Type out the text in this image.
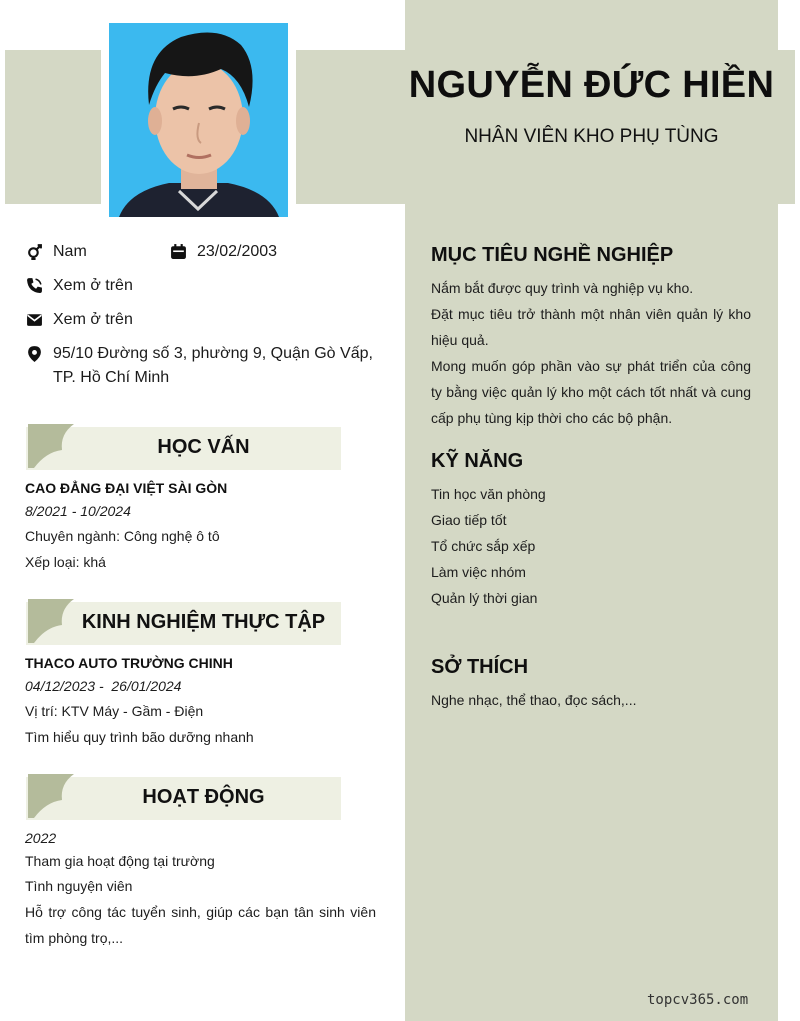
NGUYỄN ĐỨC HIỀN
NHÂN VIÊN KHO PHỤ TÙNG
Nam	23/02/2003
Xem ở trên
Xem ở trên
95/10 Đường số 3, phường 9, Quận Gò Vấp,
TP. Hồ Chí Minh
HỌC VẤN
CAO ĐẲNG ĐẠI VIỆT SÀI GÒN
8/2021 - 10/2024
Chuyên ngành: Công nghệ ô tô
Xếp loại: khá
KINH NGHIỆM THỰC TẬP
THACO AUTO TRƯỜNG CHINH
04/12/2023 -  26/01/2024
Vị trí: KTV Máy - Gầm - Điện
Tìm hiểu quy trình bão dưỡng nhanh
HOẠT ĐỘNG
2022
Tham gia hoạt động tại trường
Tình nguyện viên
Hỗ trợ công tác tuyển sinh, giúp các bạn tân sinh viên tìm phòng trọ,...
MỤC TIÊU NGHỀ NGHIỆP
Nắm bắt được quy trình và nghiệp vụ kho.
Đặt mục tiêu trở thành một nhân viên quản lý kho hiệu quả.
Mong muốn góp phần vào sự phát triển của công ty bằng việc quản lý kho một cách tốt nhất và cung cấp phụ tùng kịp thời cho các bộ phận.
KỸ NĂNG
Tin học văn phòng
Giao tiếp tốt
Tổ chức sắp xếp
Làm việc nhóm
Quản lý thời gian
SỞ THÍCH
Nghe nhạc, thể thao, đọc sách,...
topcv365.com
